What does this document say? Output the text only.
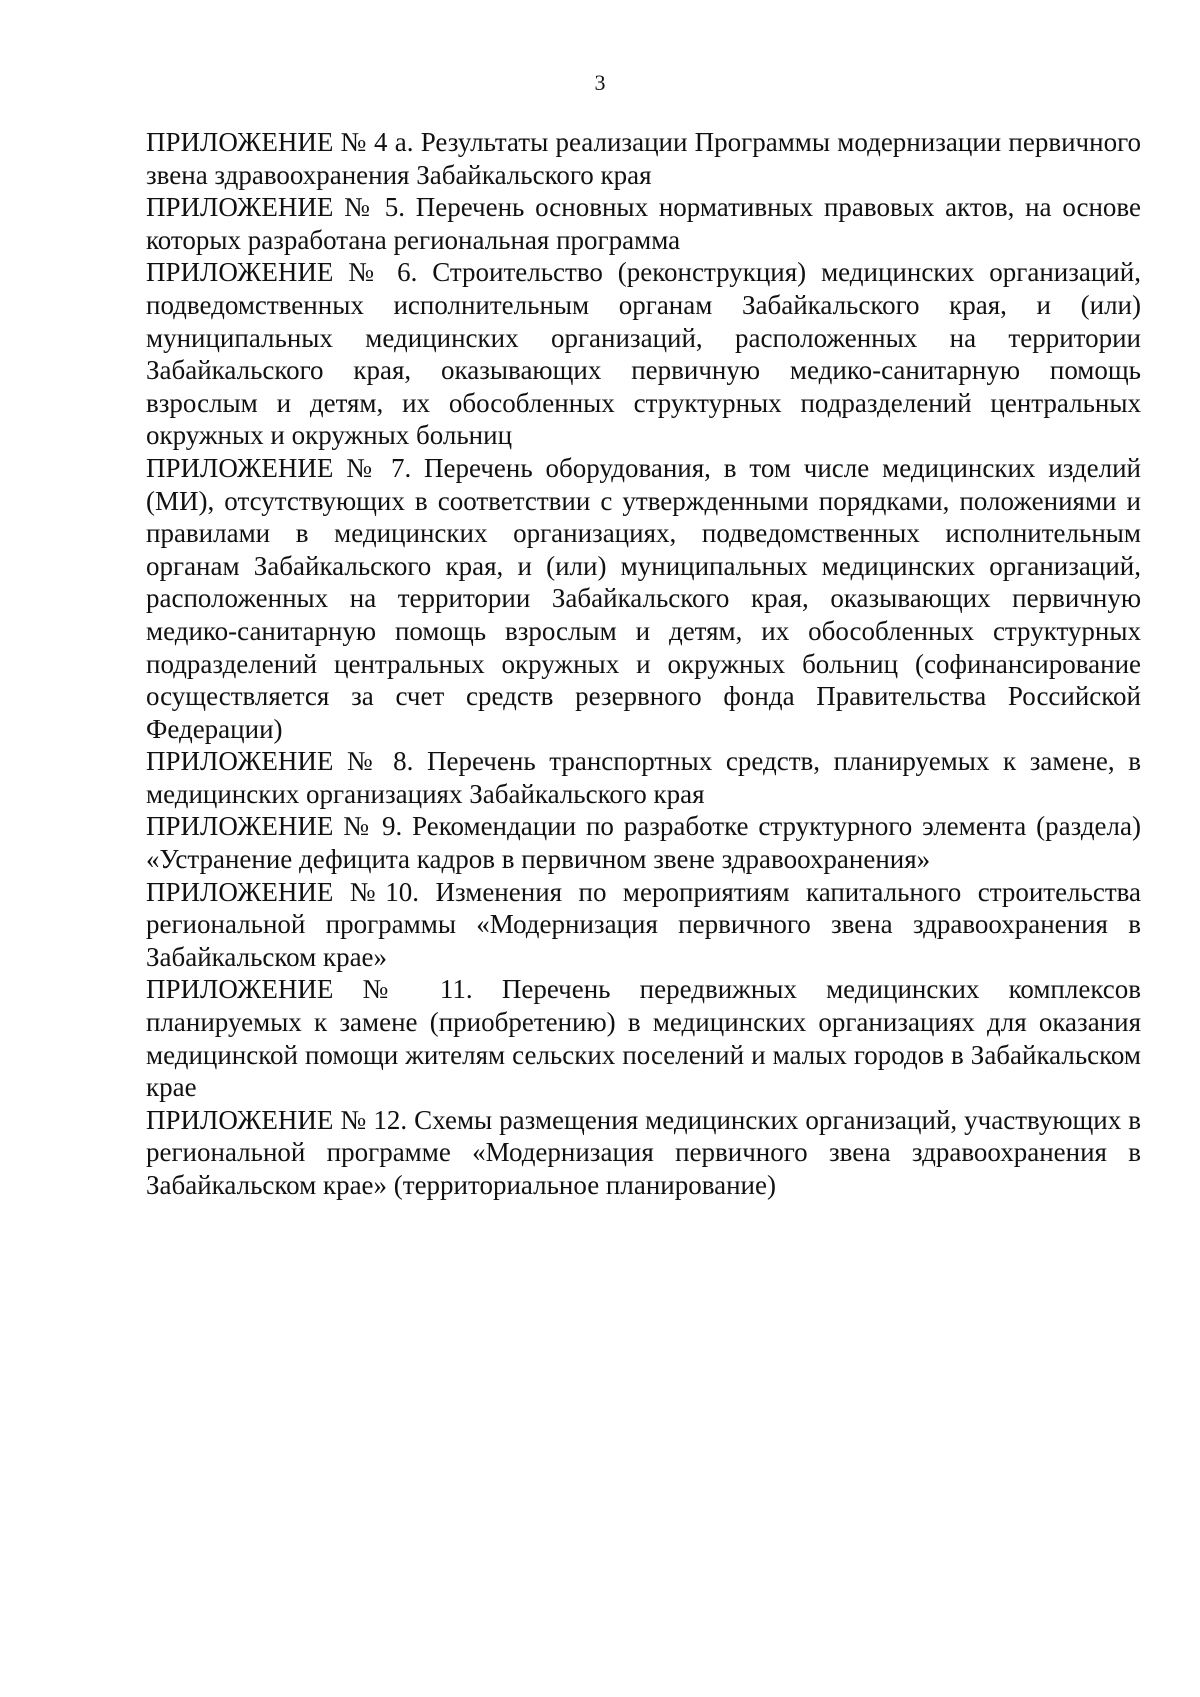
3
ПРИЛОЖЕНИЕ № 4 а. Результаты реализации Программы модернизации первичного звена здравоохранения Забайкальского края
ПРИЛОЖЕНИЕ № 5. Перечень основных нормативных правовых актов, на основе которых разработана региональная программа
ПРИЛОЖЕНИЕ № 6. Строительство (реконструкция) медицинских организаций, подведомственных исполнительным органам Забайкальского края, и (или) муниципальных медицинских организаций, расположенных на территории Забайкальского края, оказывающих первичную медико-санитарную помощь взрослым и детям, их обособленных структурных подразделений центральных окружных и окружных больниц
ПРИЛОЖЕНИЕ № 7. Перечень оборудования, в том числе медицинских изделий (МИ), отсутствующих в соответствии с утвержденными порядками, положениями и правилами в медицинских организациях, подведомственных исполнительным органам Забайкальского края, и (или) муниципальных медицинских организаций, расположенных на территории Забайкальского края, оказывающих первичную медико-санитарную помощь взрослым и детям, их обособленных структурных подразделений центральных окружных и окружных больниц (софинансирование осуществляется за счет средств резервного фонда Правительства Российской Федерации)
ПРИЛОЖЕНИЕ № 8. Перечень транспортных средств, планируемых к замене, в медицинских организациях Забайкальского края
ПРИЛОЖЕНИЕ № 9. Рекомендации по разработке структурного элемента (раздела) «Устранение дефицита кадров в первичном звене здравоохранения»
ПРИЛОЖЕНИЕ №10. Изменения по мероприятиям капитального строительства региональной программы «Модернизация первичного звена здравоохранения в Забайкальском крае»
ПРИЛОЖЕНИЕ № 11. Перечень передвижных медицинских комплексов планируемых к замене (приобретению) в медицинских организациях для оказания медицинской помощи жителям сельских поселений и малых городов в Забайкальском крае
ПРИЛОЖЕНИЕ № 12. Схемы размещения медицинских организаций, участвующих в региональной программе «Модернизация первичного звена здравоохранения в Забайкальском крае» (территориальное планирование)
